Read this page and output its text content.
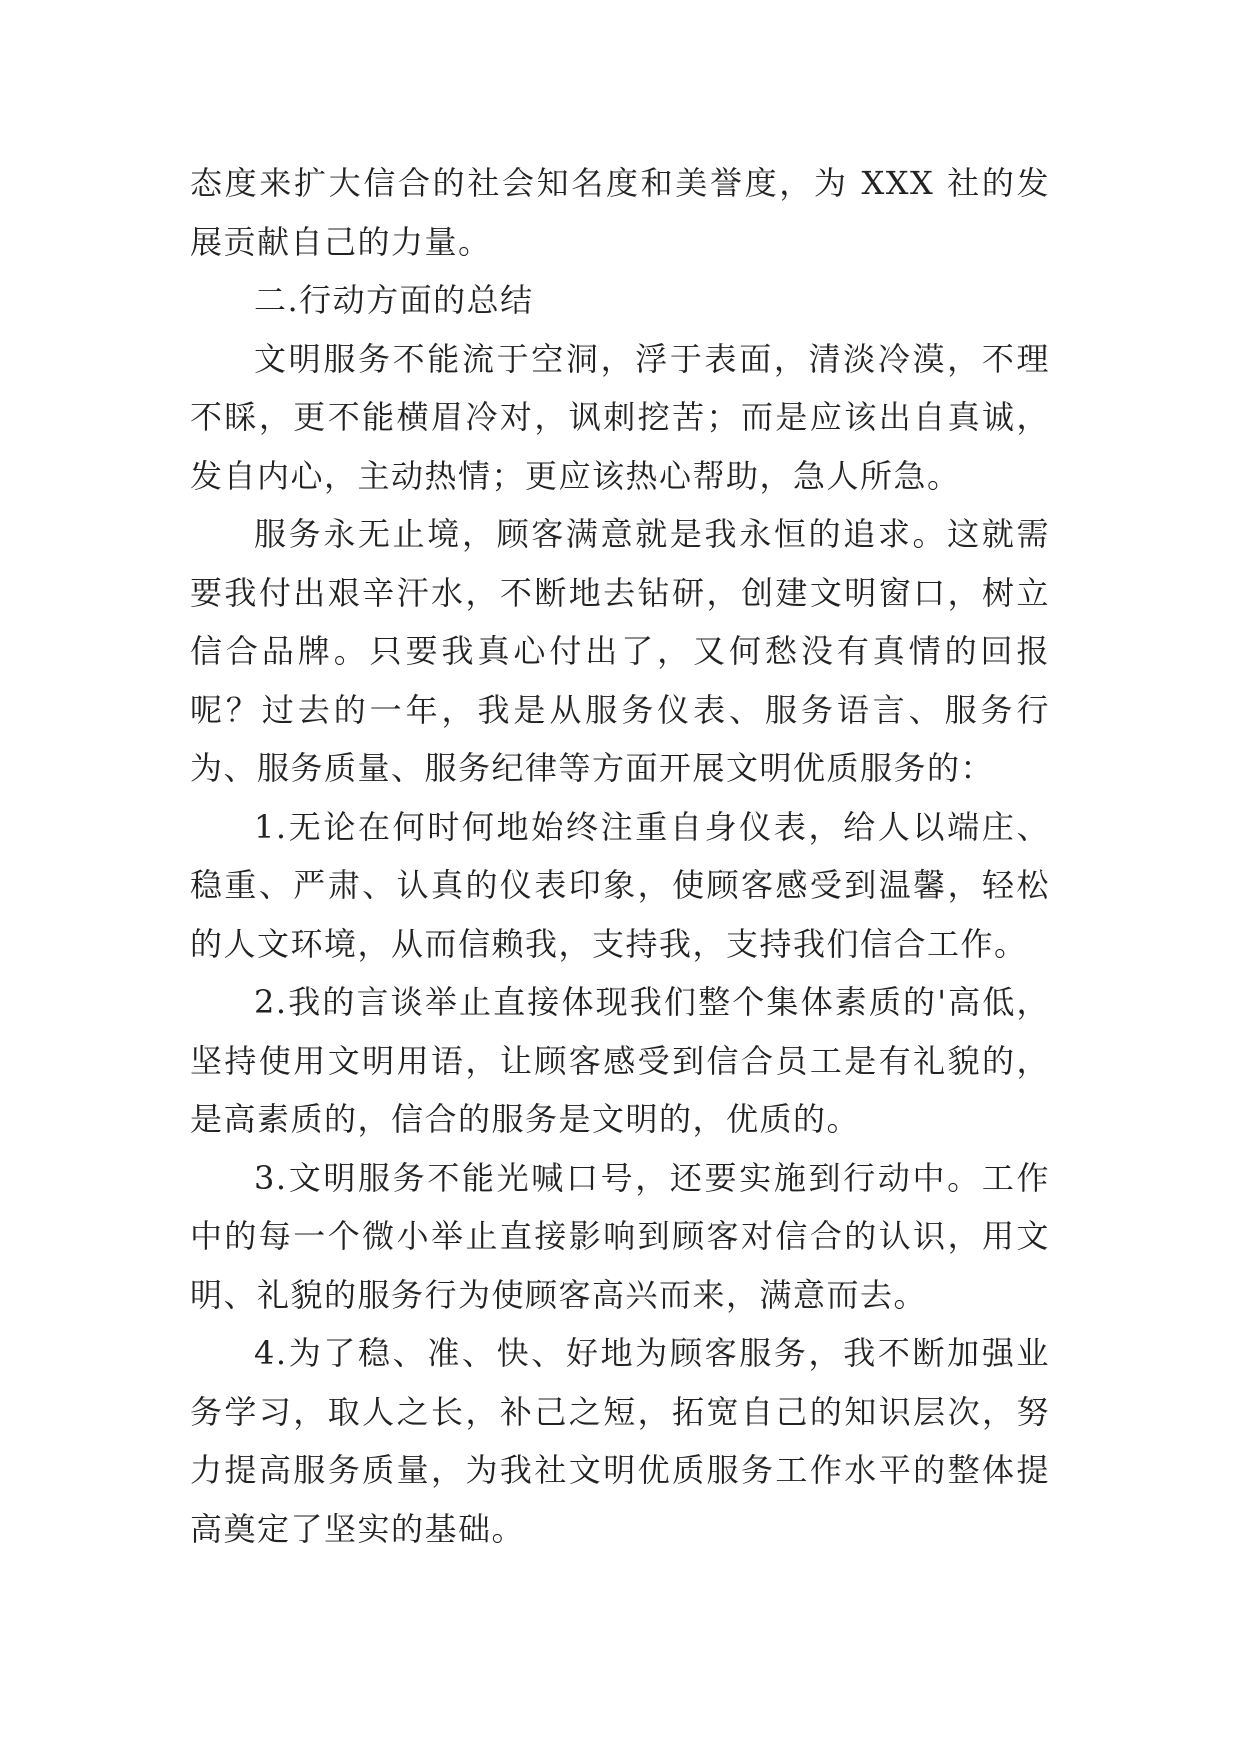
态度来扩大信合的社会知名度和美誉度，为 XXX 社的发展贡献自己的力量。

二.行动方面的总结

文明服务不能流于空洞，浮于表面，清淡冷漠，不理不睬，更不能横眉冷对，讽刺挖苦；而是应该出自真诚，发自内心，主动热情；更应该热心帮助，急人所急。

服务永无止境，顾客满意就是我永恒的追求。这就需要我付出艰辛汗水，不断地去钻研，创建文明窗口，树立信合品牌。只要我真心付出了，又何愁没有真情的回报呢？过去的一年，我是从服务仪表、服务语言、服务行为、服务质量、服务纪律等方面开展文明优质服务的：

1.无论在何时何地始终注重自身仪表，给人以端庄、稳重、严肃、认真的仪表印象，使顾客感受到温馨，轻松的人文环境，从而信赖我，支持我，支持我们信合工作。

2.我的言谈举止直接体现我们整个集体素质的'高低，坚持使用文明用语，让顾客感受到信合员工是有礼貌的，是高素质的，信合的服务是文明的，优质的。

3.文明服务不能光喊口号，还要实施到行动中。工作中的每一个微小举止直接影响到顾客对信合的认识，用文明、礼貌的服务行为使顾客高兴而来，满意而去。

4.为了稳、准、快、好地为顾客服务，我不断加强业务学习，取人之长，补己之短，拓宽自己的知识层次，努力提高服务质量，为我社文明优质服务工作水平的整体提高奠定了坚实的基础。
